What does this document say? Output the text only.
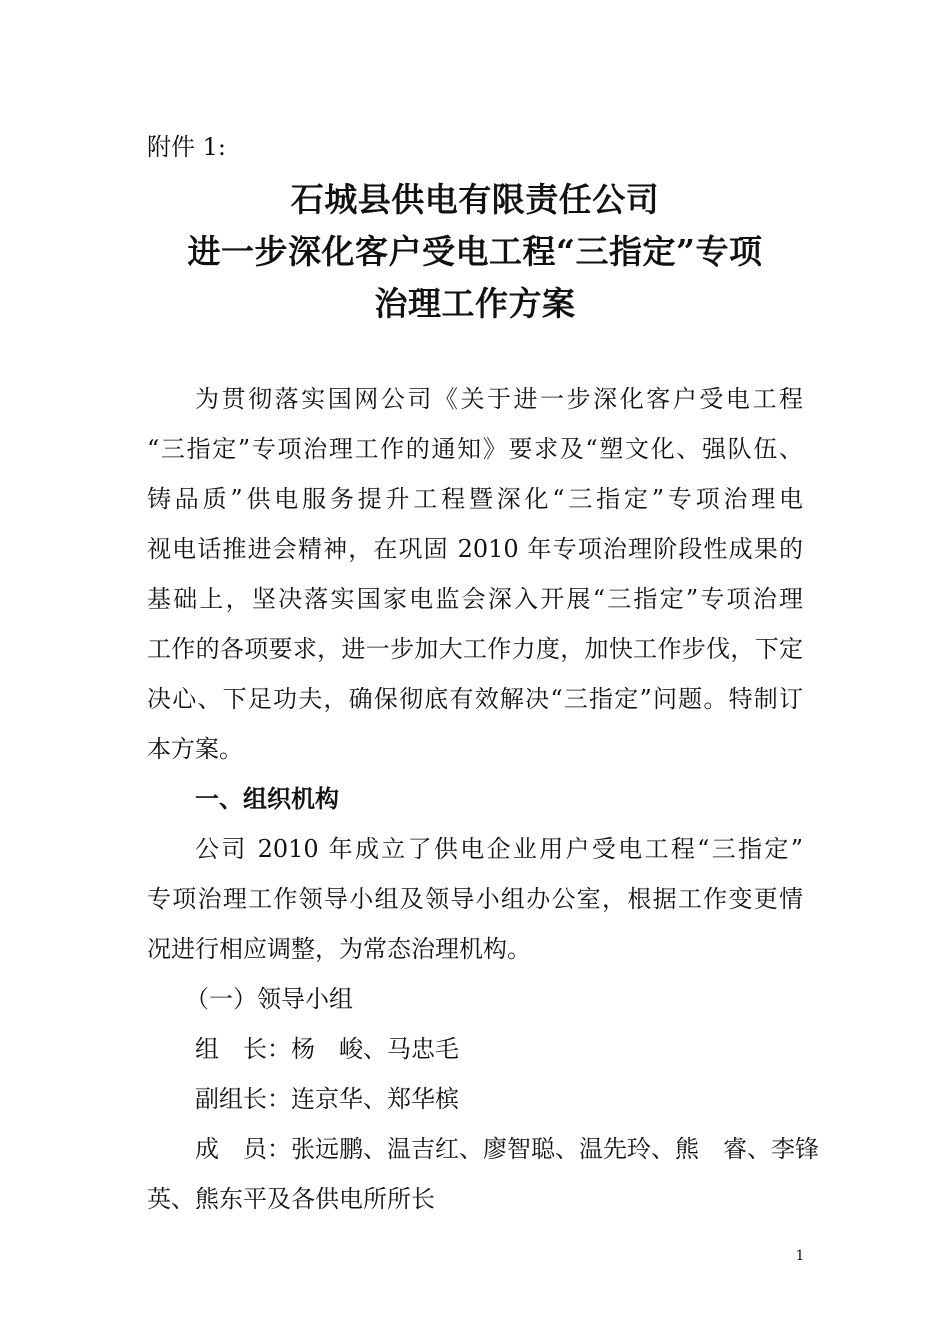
附件 1:
石城县供电有限责任公司
进一步深化客户受电工程“三指定”专项
治理工作方案
为贯彻落实国网公司《关于进一步深化客户受电工程
“三指定”专项治理工作的通知》要求及“塑文化、强队伍、
铸品质”供电服务提升工程暨深化“三指定”专项治理电
视电话推进会精神，在巩固 2010 年专项治理阶段性成果的
基础上，坚决落实国家电监会深入开展“三指定”专项治理
工作的各项要求，进一步加大工作力度，加快工作步伐，下定
决心、下足功夫，确保彻底有效解决“三指定”问题。特制订
本方案。
一、组织机构
公司 2010 年成立了供电企业用户受电工程“三指定”
专项治理工作领导小组及领导小组办公室，根据工作变更情
况进行相应调整，为常态治理机构。
（一）领导小组
组　长：杨　峻、马忠毛
副组长：连京华、郑华槟
成　员：张远鹏、温吉红、廖智聪、温先玲、熊　睿、李锋
英、熊东平及各供电所所长
1
